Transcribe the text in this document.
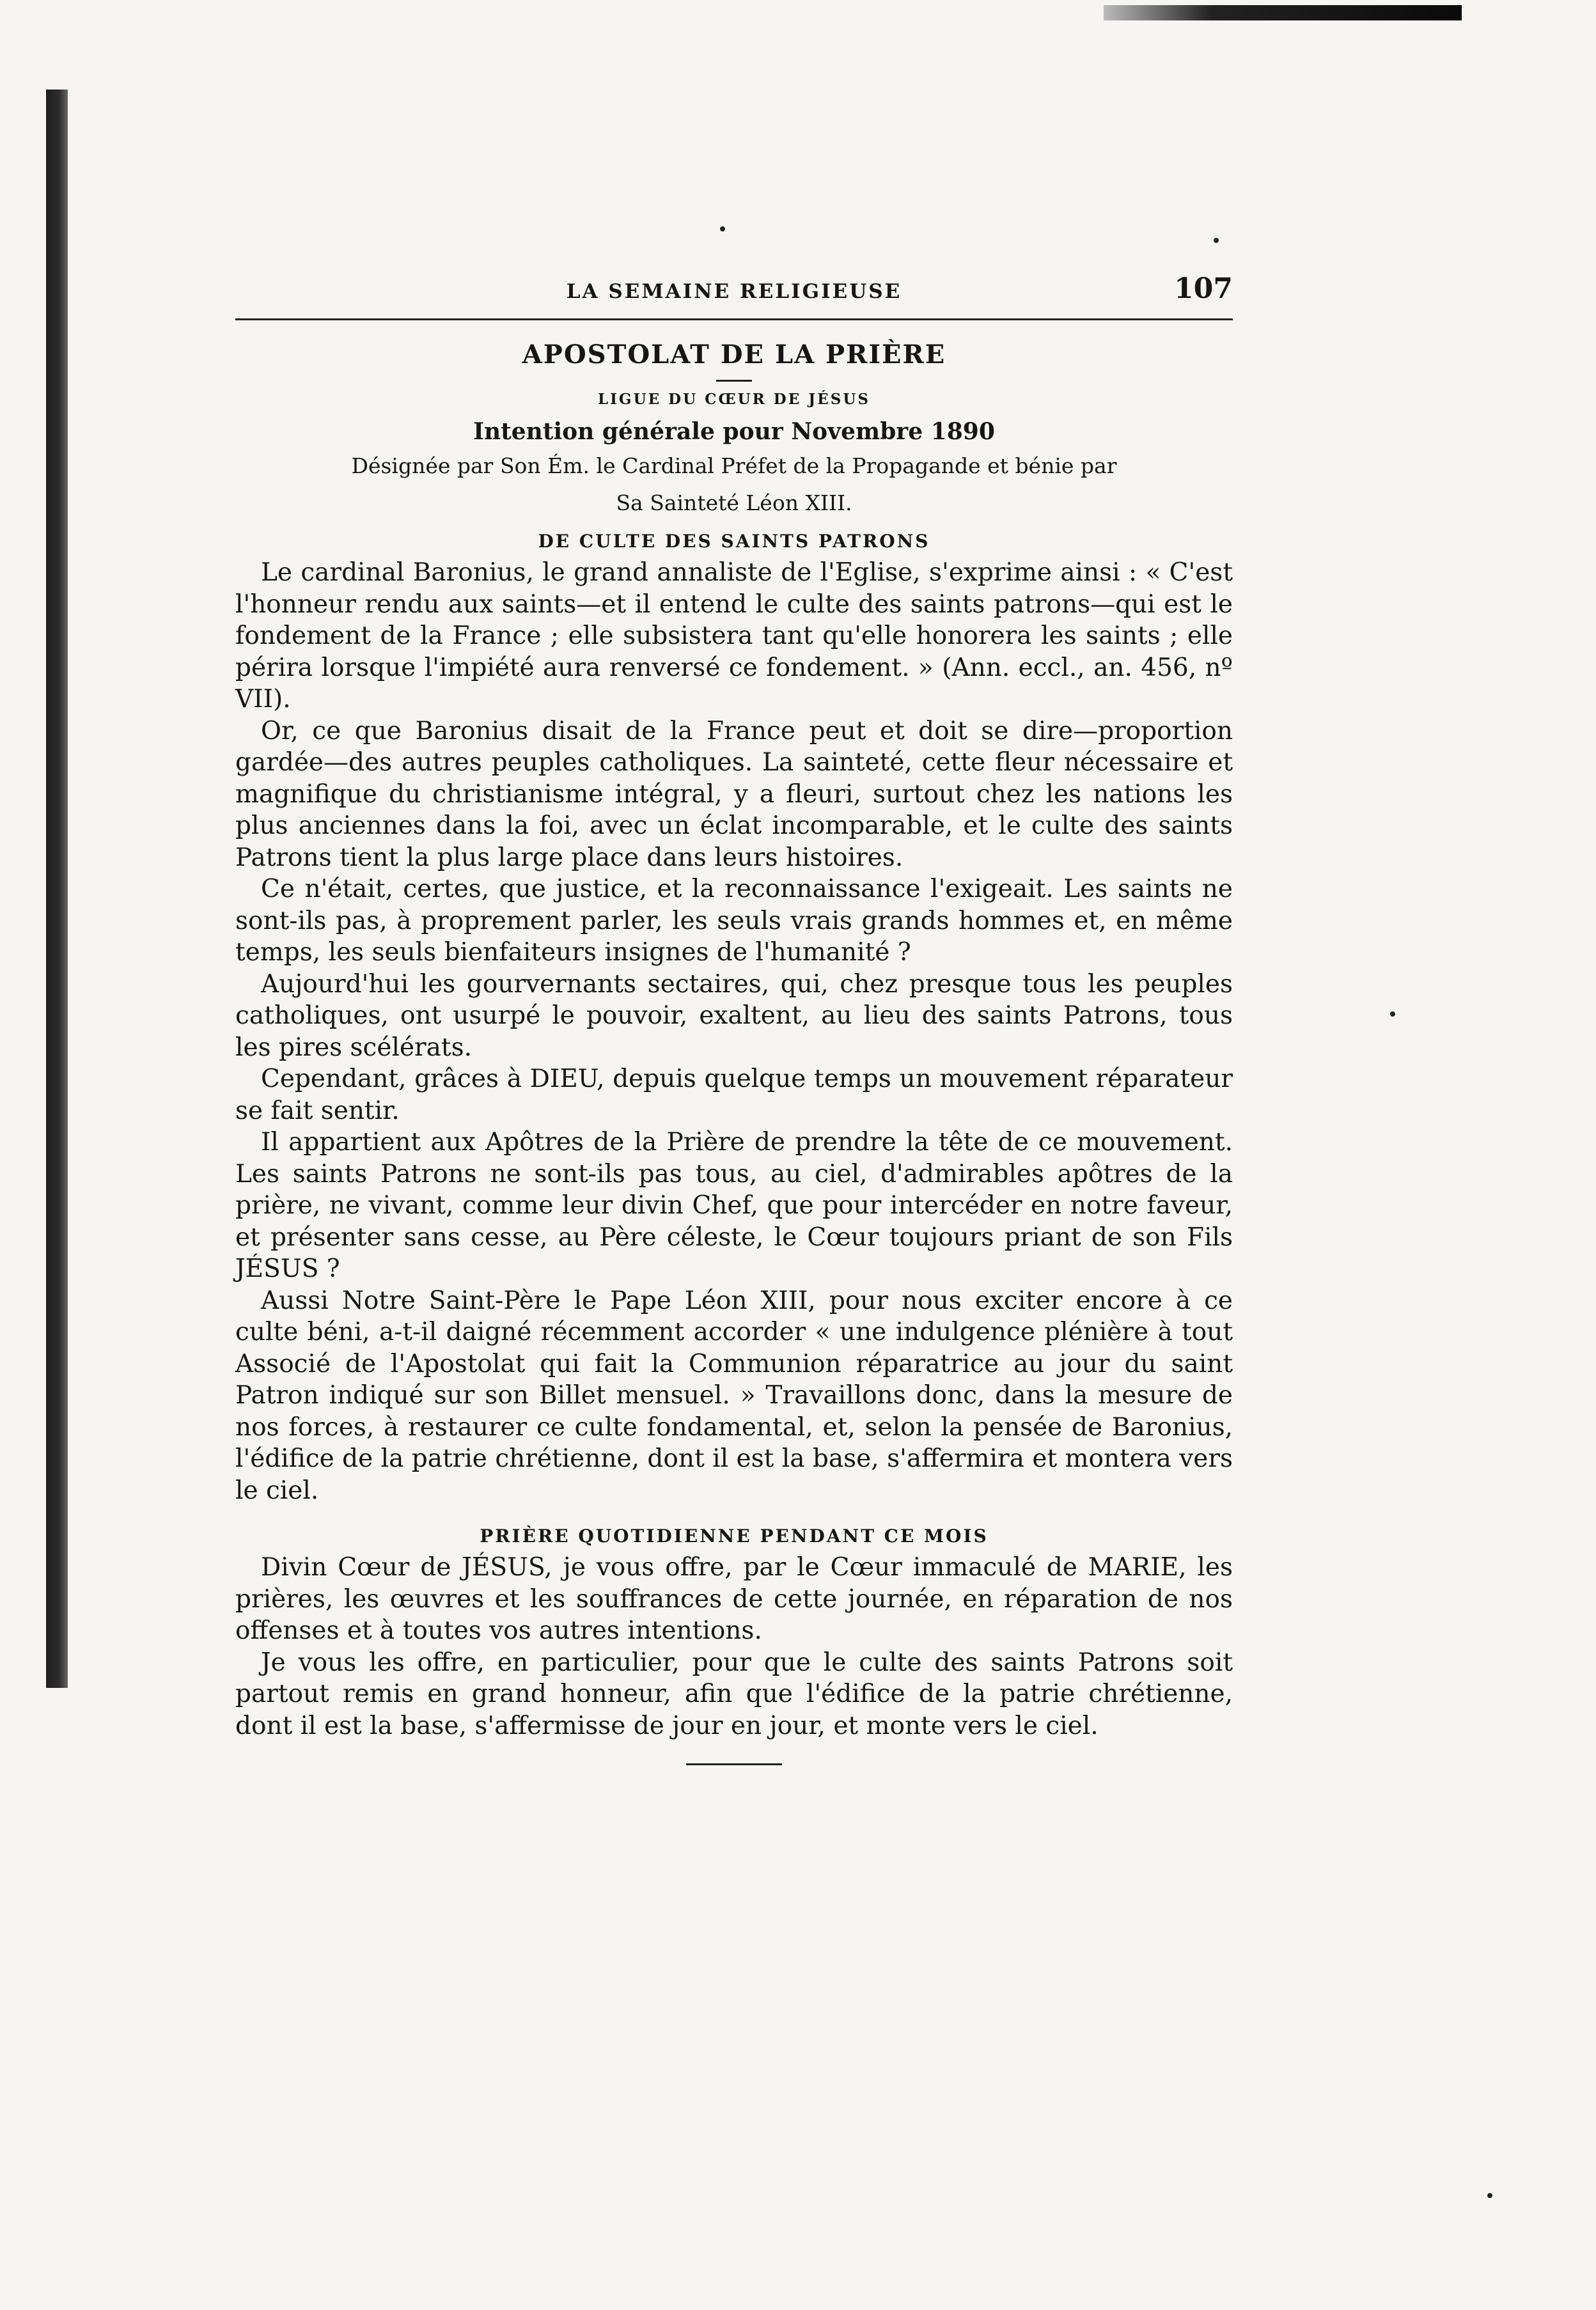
LA SEMAINE RELIGIEUSE	107
APOSTOLAT DE LA PRIÈRE
LIGUE DU CŒUR DE JÉSUS
Intention générale pour Novembre 1890
Désignée par Son Ém. le Cardinal Préfet de la Propagande et bénie par
Sa Sainteté Léon XIII.
DE CULTE DES SAINTS PATRONS

Le cardinal Baronius, le grand annaliste de l'Eglise, s'exprime ainsi : « C'est l'honneur rendu aux saints—et il entend le culte des saints patrons—qui est le fondement de la France ; elle subsistera tant qu'elle honorera les saints ; elle périra lorsque l'impiété aura renversé ce fondement. » (Ann. eccl., an. 456, nº VII).

Or, ce que Baronius disait de la France peut et doit se dire—proportion gardée—des autres peuples catholiques. La sainteté, cette fleur nécessaire et magnifique du christianisme intégral, y a fleuri, surtout chez les nations les plus anciennes dans la foi, avec un éclat incomparable, et le culte des saints Patrons tient la plus large place dans leurs histoires.

Ce n'était, certes, que justice, et la reconnaissance l'exigeait. Les saints ne sont-ils pas, à proprement parler, les seuls vrais grands hommes et, en même temps, les seuls bienfaiteurs insignes de l'humanité ?

Aujourd'hui les gourvernants sectaires, qui, chez presque tous les peuples catholiques, ont usurpé le pouvoir, exaltent, au lieu des saints Patrons, tous les pires scélérats.

Cependant, grâces à DIEU, depuis quelque temps un mouvement réparateur se fait sentir.

Il appartient aux Apôtres de la Prière de prendre la tête de ce mouvement. Les saints Patrons ne sont-ils pas tous, au ciel, d'admirables apôtres de la prière, ne vivant, comme leur divin Chef, que pour intercéder en notre faveur, et présenter sans cesse, au Père céleste, le Cœur toujours priant de son Fils JÉSUS ?

Aussi Notre Saint-Père le Pape Léon XIII, pour nous exciter encore à ce culte béni, a-t-il daigné récemment accorder « une indulgence plénière à tout Associé de l'Apostolat qui fait la Communion réparatrice au jour du saint Patron indiqué sur son Billet mensuel. » Travaillons donc, dans la mesure de nos forces, à restaurer ce culte fondamental, et, selon la pensée de Baronius, l'édifice de la patrie chrétienne, dont il est la base, s'affermira et montera vers le ciel.

PRIÈRE QUOTIDIENNE PENDANT CE MOIS

Divin Cœur de JÉSUS, je vous offre, par le Cœur immaculé de MARIE, les prières, les œuvres et les souffrances de cette journée, en réparation de nos offenses et à toutes vos autres intentions.

Je vous les offre, en particulier, pour que le culte des saints Patrons soit partout remis en grand honneur, afin que l'édifice de la patrie chrétienne, dont il est la base, s'affermisse de jour en jour, et monte vers le ciel.
